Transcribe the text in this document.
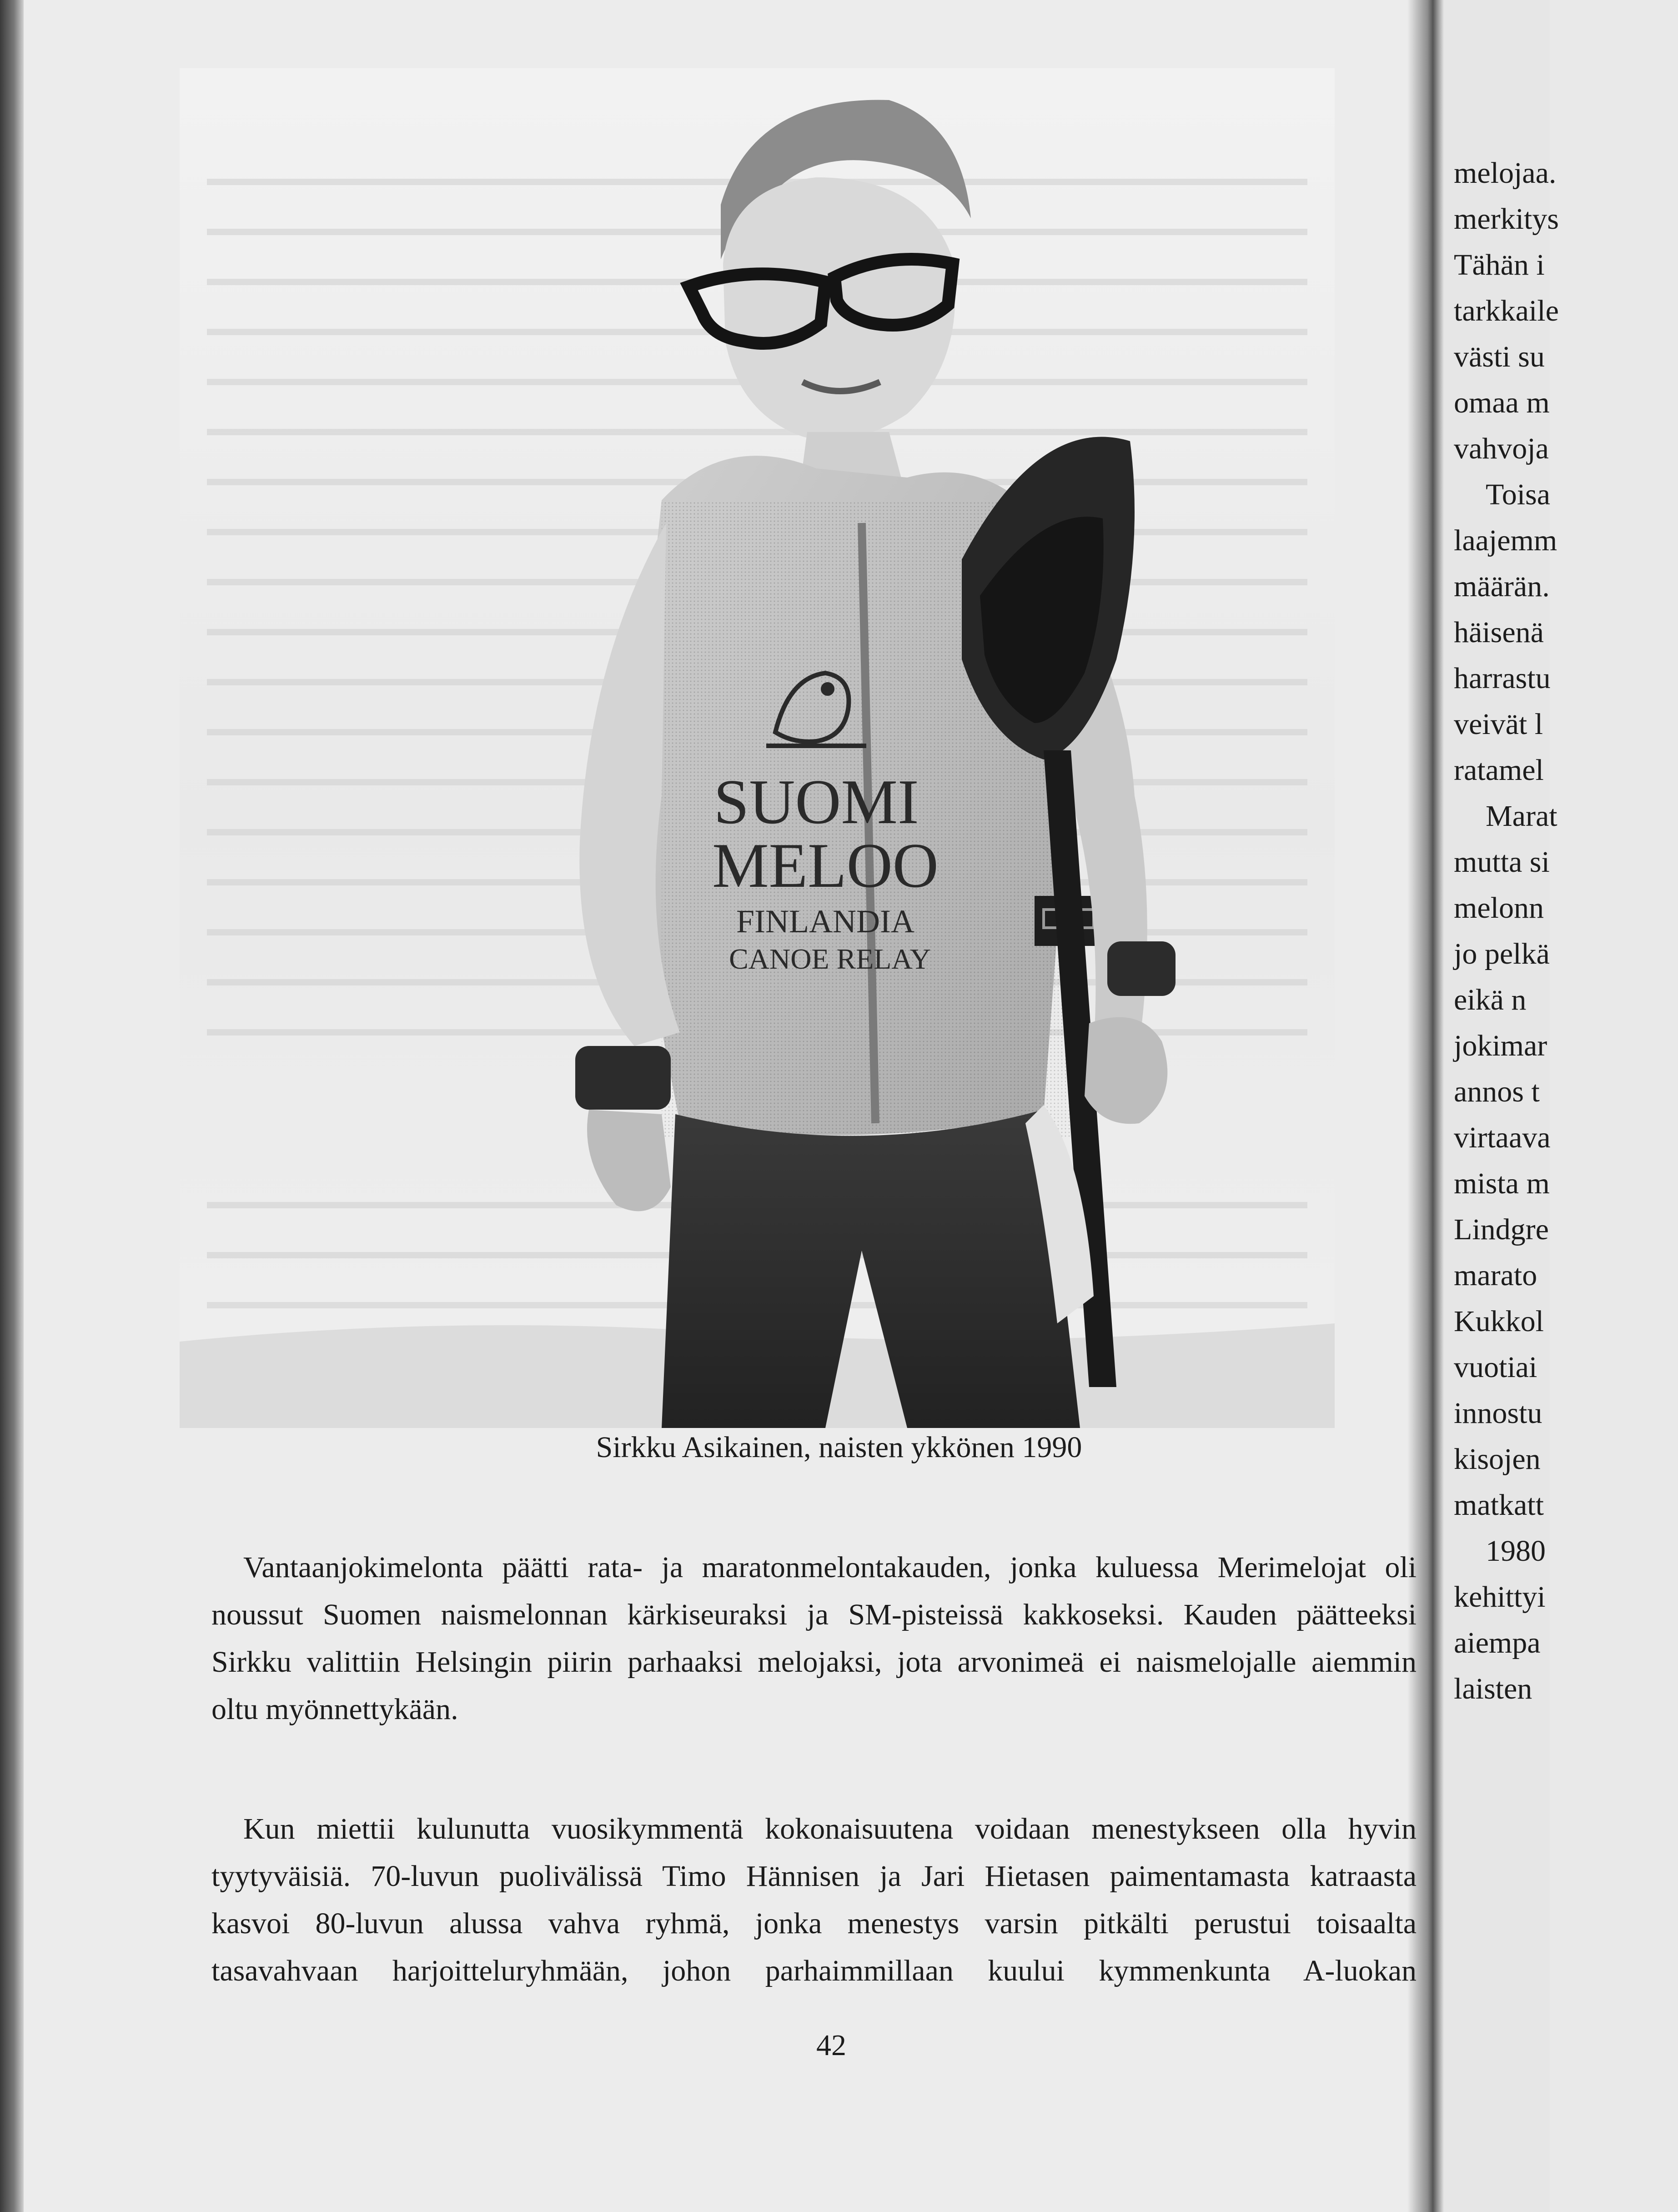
SUOMI
MELOO
FINLANDIA
CANOE RELAY
Sirkku Asikainen, naisten ykkönen 1990
Vantaanjokimelonta päätti rata- ja maratonmelontakauden, jonka kuluessa Merimelojat oli
noussut Suomen naismelonnan kärkiseuraksi ja SM-pisteissä kakkoseksi. Kauden päätteeksi
Sirkku valittiin Helsingin piirin parhaaksi melojaksi, jota arvonimeä ei naismelojalle aiemmin
oltu myönnettykään.
Kun miettii kulunutta vuosikymmentä kokonaisuutena voidaan menestykseen olla hyvin
tyytyväisiä. 70-luvun puolivälissä Timo Hännisen ja Jari Hietasen paimentamasta katraasta
kasvoi 80-luvun alussa vahva ryhmä, jonka menestys varsin pitkälti perustui toisaalta
tasavahvaan harjoitteluryhmään, johon parhaimmillaan kuului kymmenkunta A-luokan
42
melojaa.
merkitys
Tähän i
tarkkaile
västi su
omaa m
vahvoja
Toisa
laajemm
määrän.
häisenä
harrastu
veivät l
ratamel
Marat
mutta si
melonn
jo pelkä
eikä n
jokimar
annos t
virtaava
mista m
Lindgre
marato
Kukkol
vuotiai
innostu
kisojen
matkatt
1980
kehittyi
aiempa
laisten
